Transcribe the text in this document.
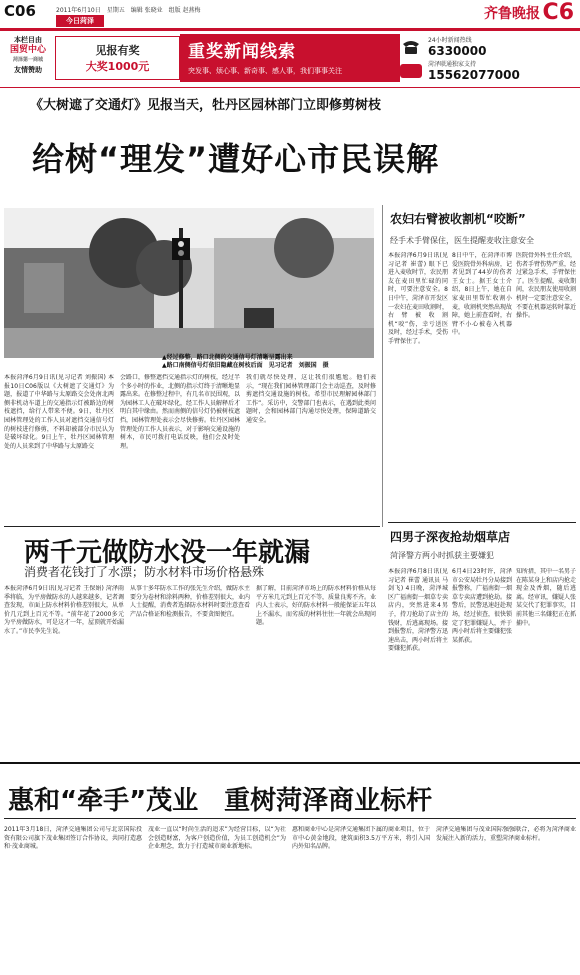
C06	2011年6月10日　星期五　编辑 张晓业　组版 赵燕梅
今日菏泽	齐鲁晚报 C6
本栏目由
国贸中心
菏泽第一商城
友情赞助
见报有奖
大奖1000元
重奖新闻线索
突发事、烦心事、新奇事、感人事，我们事事关注
24小时新闻热线
6330000
菏泽联通独家支持
15562077000
《大树遮了交通灯》见报当天，牡丹区园林部门立即修剪树枝
给树“理发”遭好心市民误解
▲经过修整，路口北侧的交通信号灯清晰呈露出来
▲路口南侧信号灯依旧隐藏在树枝后面　见习记者　刘振国　摄
本报菏泽6月9日讯(见习记者 刘振国) 本报10日C06版以《大树遮了交通灯》为题，报道了中华路与太原路交会处南北两侧非机动车道上的交通指示灯被路边的树枝遮挡，给行人带来不便。9日，牡丹区园林管理处的工作人员对遮挡交通信号灯的树枝进行修剪，不料却被部分市民认为是破坏绿化。9日上午，牡丹区园林管理处的人员来到了中华路与太原路交
会路口，修整遮挡交通指示灯的树枝，经过半个多小时的作业，北侧的指示灯终于清晰地显露出来。在修整过程中，有几名市民围观，以为园林工人在破坏绿化，经工作人员解释后才明白其中缘由。然而南侧的信号灯仍被树枝遮挡，园林管理处表示会尽快修剪。牡丹区园林管理处的工作人员表示，对于影响交通设施的树木，市民可拨打电话反映，他们会及时处理。
我们就尽快处理，这让我们很尴尬。他们表示，“现在我们园林管理部门会主动巡查，及时修剪遮挡交通设施的树枝。希望市民理解园林部门工作”。采访中，交警部门也表示，在遇到此类问题时，会和园林部门沟通尽快处理，保障道路交通安全。
农妇右臂被收割机“咬断”
经手术手臂保住，医生提醒麦收注意安全
本报菏泽6月9日讯(见习记者 崔蕾) 眼下已进入麦收时节，农民朋友在麦田里忙碌的同时，可要注意安全。8日中午，菏泽市开发区一农妇在麦田收割时，右臂被收割机“咬”伤，幸亏送医及时，经过手术，受伤手臂保住了。
8日中午，在菏泽市博爱医院骨外科病房，记者见到了44岁的伤者王女士。据王女士介绍，8日上午，她在自家麦田里帮忙收割小麦，收割机突然出现故障，她上前查看时，右臂不小心被卷入机器中。
医院骨外科主任介绍，伤者手臂伤势严重，经过紧急手术，手臂保住了。医生提醒，麦收期间，农民朋友使用收割机时一定要注意安全，不要在机器运转时靠近操作。
四男子深夜抢劫烟草店
菏泽警方两小时抓获主要嫌犯
本报菏泽6月8日讯(见习记者 崔蕾 通讯员 马剑飞) 4日晚，菏泽城区广福南街一烟草专卖店内，突然进来4男子，持刀抢劫了店主的钱财，后逃离现场。接到报警后，菏泽警方迅速出击，两小时后将主要嫌犯抓获。
6月4日23时许，菏泽市公安局牡丹分局接到报警称，广福南街一烟草专卖店遭到抢劫。接警后，民警迅速赶赴现场，经过侦查，很快锁定了犯罪嫌疑人，并于两小时后将主要嫌犯张某抓获。
知所措，其中一名男子在陈某身上和店内抢走现金及香烟，随后逃离。经审讯，嫌疑人张某交代了犯罪事实，目前其他三名嫌犯正在抓捕中。
两千元做防水没一年就漏
消费者花钱打了水漂；防水材料市场价格悬殊
本报菏泽6月9日讯(见习记者 王保娟) 菏泽雨季将临，为平房做防水的人越来越多，记者调查发现，市面上防水材料价格差别很大，从单价几元到上百元不等。“前年花了2000多元为平房做防水，可是这才一年，屋顶就开始漏水了。”市民李先生说。
从事十多年防水工作的张先生介绍，做防水主要分为卷材和涂料两种，价格差别很大，业内人士提醒，消费者选择防水材料时要注意查看产品合格证和检测报告，不要贪图便宜。
据了解，目前菏泽市场上的防水材料价格从每平方米几元到上百元不等，质量良莠不齐。业内人士表示，好的防水材料一般能保证五年以上不漏水，而劣质的材料往往一年就会出现问题。
惠和“牵手”茂业　重树菏泽商业标杆
2011年3月18日，菏泽交通集团公司与北京国际投资有限公司旗下茂业集团签订合作协议，共同打造惠和·茂业商城。
茂业一直以“时尚生活的追求”为经营目标，以“为社会创造财富，为客户创造价值，为员工创造机会”为企业理念，致力于打造城市商业新地标。
惠和商业中心是菏泽交通集团下属的商业项目，位于市中心黄金地段，建筑面积3.5万平方米，将引入国内外知名品牌。
菏泽交通集团与茂业国际强强联合，必将为菏泽商业发展注入新的活力，重塑菏泽商业标杆。
